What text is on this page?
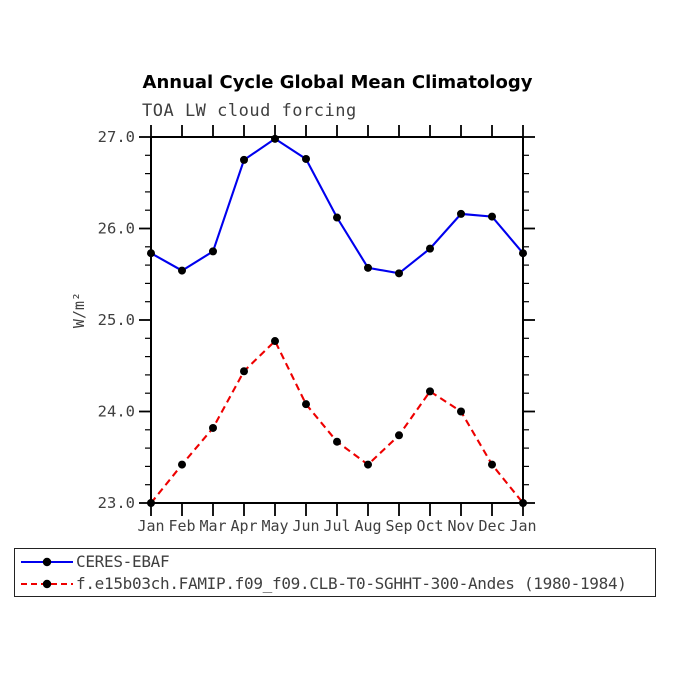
Annual Cycle Global Mean Climatology
TOA LW cloud forcing
W/m²
Jan Feb Mar Apr May Jun Jul Aug Sep Oct Nov Dec Jan
23.0
24.0
25.0
26.0
27.0
CERES-EBAF
f.e15b03ch.FAMIP.f09_f09.CLB-T0-SGHHT-300-Andes (1980-1984)
